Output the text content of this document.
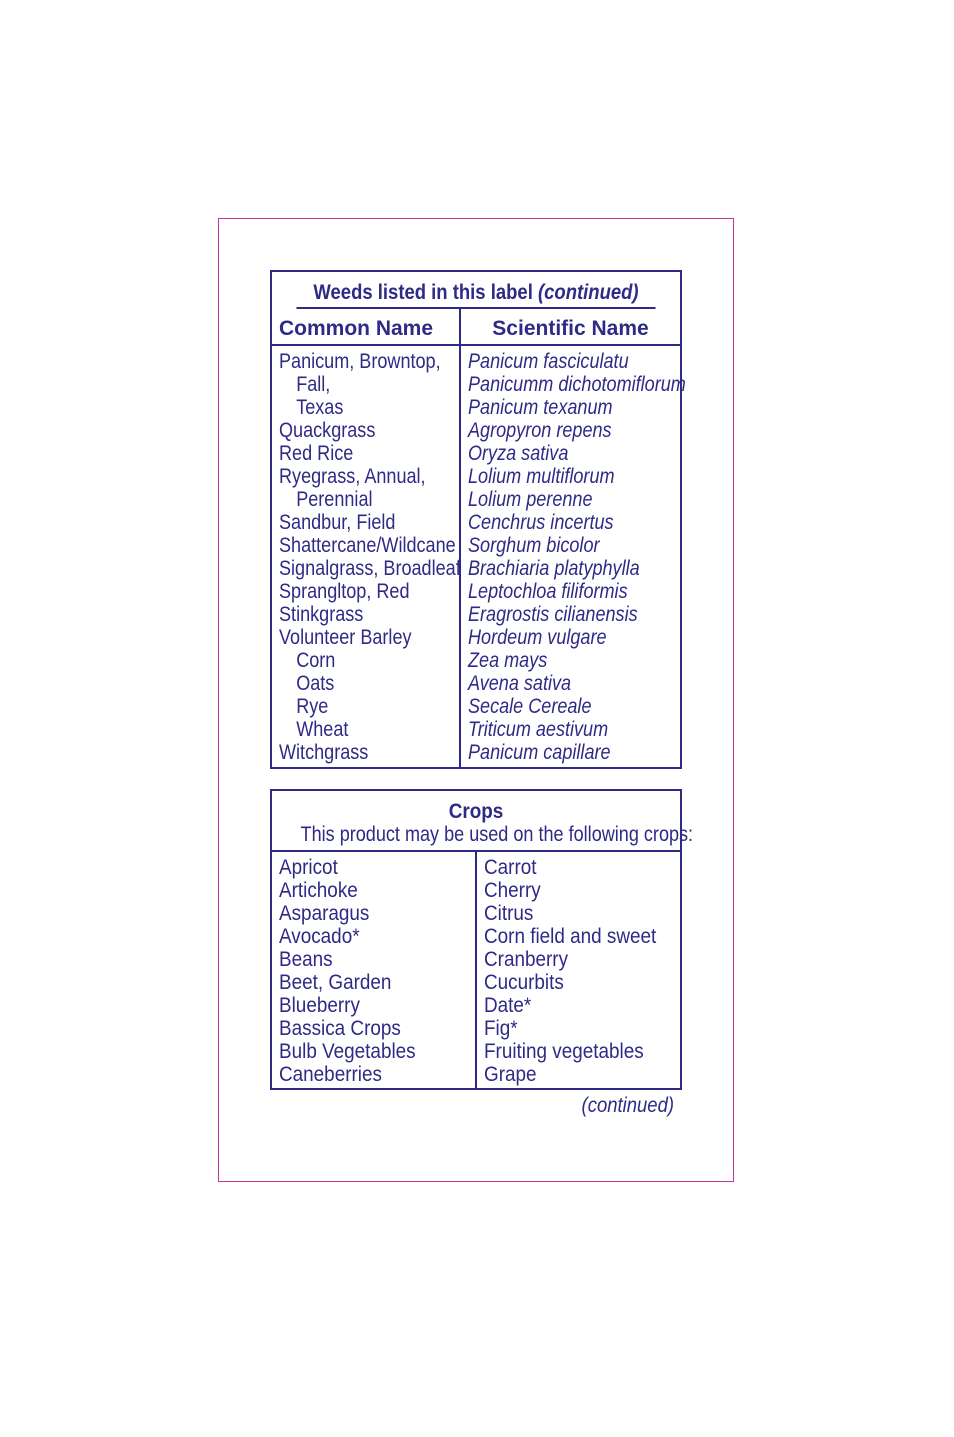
Weeds listed in this label (continued)
Common Name	Scientific Name
Panicum, Browntop,
Fall,
Texas
Quackgrass
Red Rice
Ryegrass, Annual,
Perennial
Sandbur, Field
Shattercane/Wildcane
Signalgrass, Broadleaf
Sprangltop, Red
Stinkgrass
Volunteer Barley
Corn
Oats
Rye
Wheat
Witchgrass
Panicum fasciculatu
Panicumm dichotomiflorum
Panicum texanum
Agropyron repens
Oryza sativa
Lolium multiflorum
Lolium perenne
Cenchrus incertus
Sorghum bicolor
Brachiaria platyphylla
Leptochloa filiformis
Eragrostis cilianensis
Hordeum vulgare
Zea mays
Avena sativa
Secale Cereale
Triticum aestivum
Panicum capillare
Crops
This product may be used on the following crops:
Apricot
Artichoke
Asparagus
Avocado*
Beans
Beet, Garden
Blueberry
Bassica Crops
Bulb Vegetables
Caneberries
Carrot
Cherry
Citrus
Corn field and sweet
Cranberry
Cucurbits
Date*
Fig*
Fruiting vegetables
Grape
(continued)
